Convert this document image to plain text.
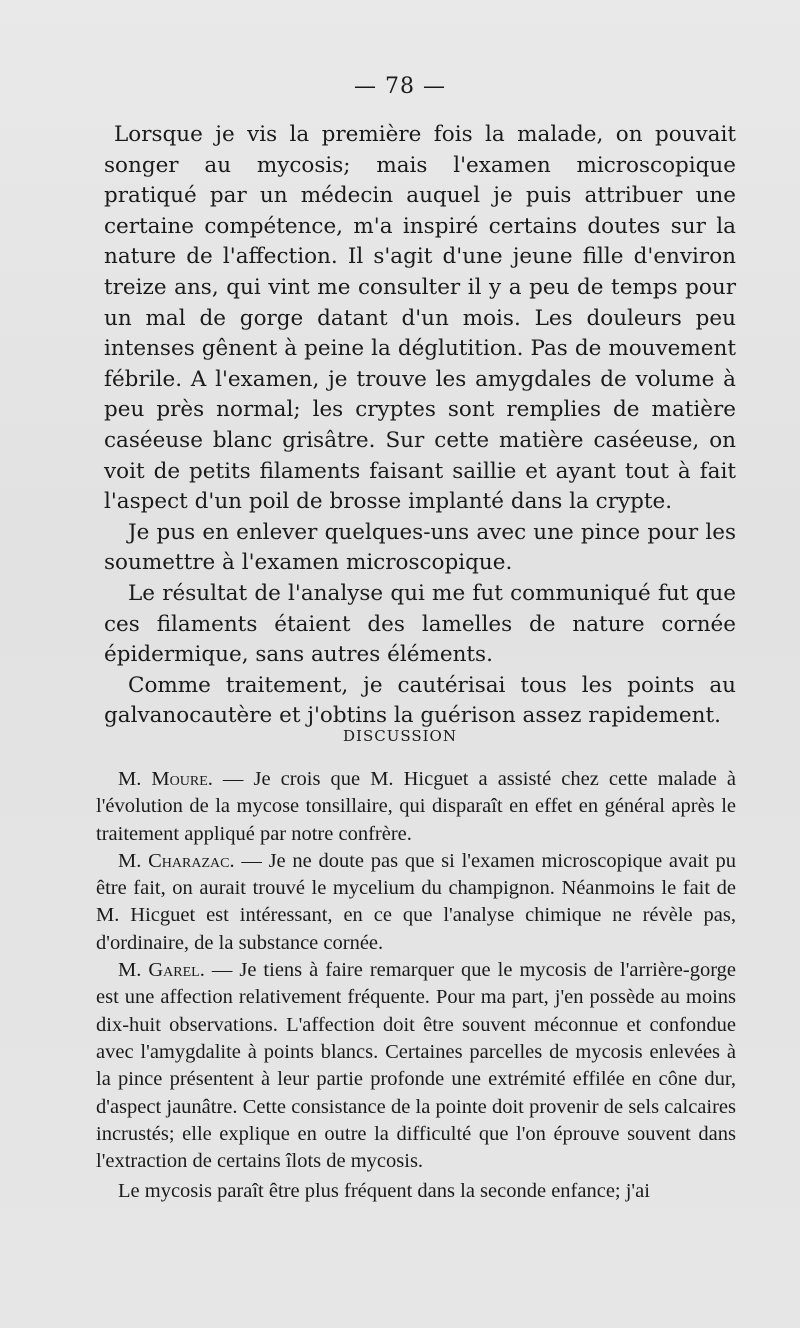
— 78 —

Lorsque je vis la première fois la malade, on pouvait songer au mycosis; mais l'examen microscopique pratiqué par un médecin auquel je puis attribuer une certaine compétence, m'a inspiré certains doutes sur la nature de l'affection. Il s'agit d'une jeune fille d'environ treize ans, qui vint me consulter il y a peu de temps pour un mal de gorge datant d'un mois. Les douleurs peu intenses gênent à peine la déglutition. Pas de mouvement fébrile. A l'examen, je trouve les amygdales de volume à peu près normal; les cryptes sont remplies de matière caséeuse blanc grisâtre. Sur cette matière caséeuse, on voit de petits filaments faisant saillie et ayant tout à fait l'aspect d'un poil de brosse implanté dans la crypte.

Je pus en enlever quelques-uns avec une pince pour les soumettre à l'examen microscopique.

Le résultat de l'analyse qui me fut communiqué fut que ces filaments étaient des lamelles de nature cornée épidermique, sans autres éléments.

Comme traitement, je cautérisai tous les points au galvanocautère et j'obtins la guérison assez rapidement.

DISCUSSION

M. Moure. — Je crois que M. Hicguet a assisté chez cette malade à l'évolution de la mycose tonsillaire, qui disparaît en effet en général après le traitement appliqué par notre confrère.

M. Charazac. — Je ne doute pas que si l'examen microscopique avait pu être fait, on aurait trouvé le mycelium du champignon. Néanmoins le fait de M. Hicguet est intéressant, en ce que l'analyse chimique ne révèle pas, d'ordinaire, de la substance cornée.

M. Garel. — Je tiens à faire remarquer que le mycosis de l'arrière-gorge est une affection relativement fréquente. Pour ma part, j'en possède au moins dix-huit observations. L'affection doit être souvent méconnue et confondue avec l'amygdalite à points blancs. Certaines parcelles de mycosis enlevées à la pince présentent à leur partie profonde une extrémité effilée en cône dur, d'aspect jaunâtre. Cette consistance de la pointe doit provenir de sels calcaires incrustés; elle explique en outre la difficulté que l'on éprouve souvent dans l'extraction de certains îlots de mycosis.

Le mycosis paraît être plus fréquent dans la seconde enfance; j'ai
